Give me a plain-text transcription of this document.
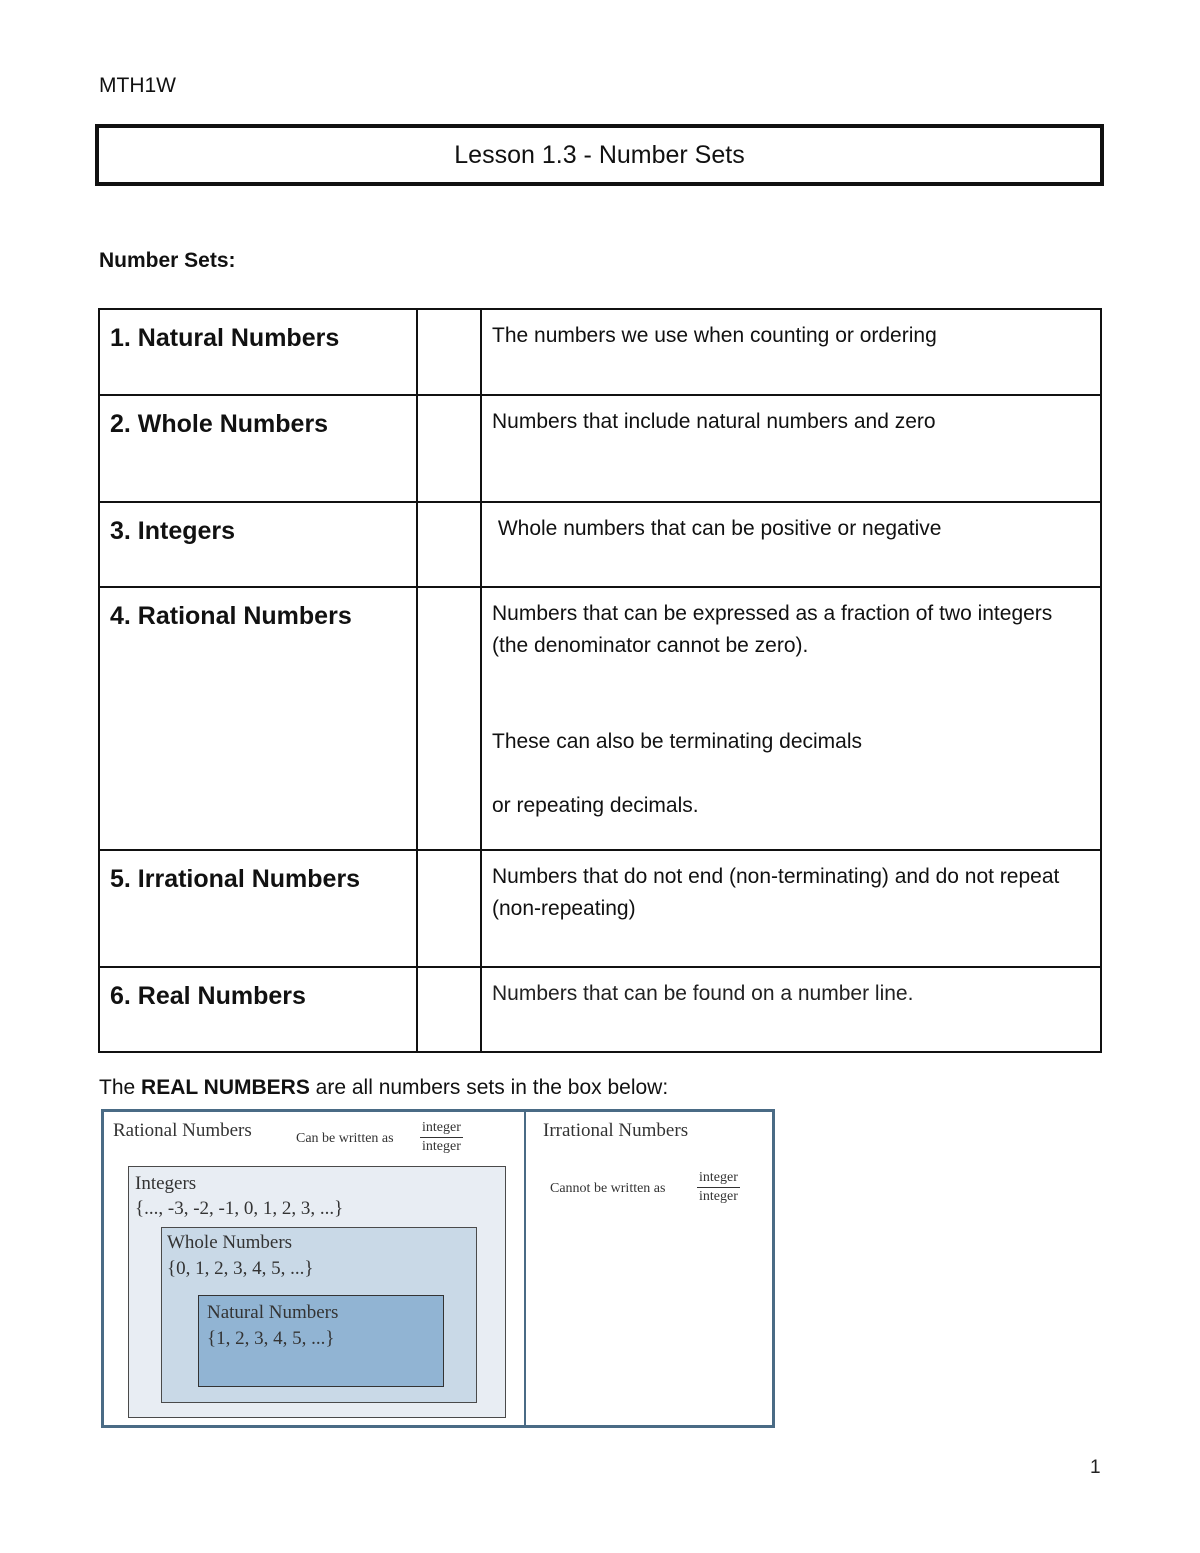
MTH1W
Lesson 1.3 - Number Sets
Number Sets:
1. Natural Numbers		The numbers we use when counting or ordering

2. Whole Numbers		Numbers that include natural numbers and zero

3. Integers		Whole numbers that can be positive or negative

4. Rational Numbers		Numbers that can be expressed as a fraction of two integers (the denominator cannot be zero).

These can also be terminating decimals

or repeating decimals.

5. Irrational Numbers		Numbers that do not end (non-terminating) and do not repeat (non-repeating)

6. Real Numbers		Numbers that can be found on a number line.

The REAL NUMBERS are all numbers sets in the box below:
Rational Numbers	Can be written as
integer
integer
Irrational Numbers
Cannot be written as
integer
integer
Integers
{..., -3, -2, -1, 0, 1, 2, 3, ...}
Whole Numbers
{0, 1, 2, 3, 4, 5, ...}
Natural Numbers
{1, 2, 3, 4, 5, ...}
1
